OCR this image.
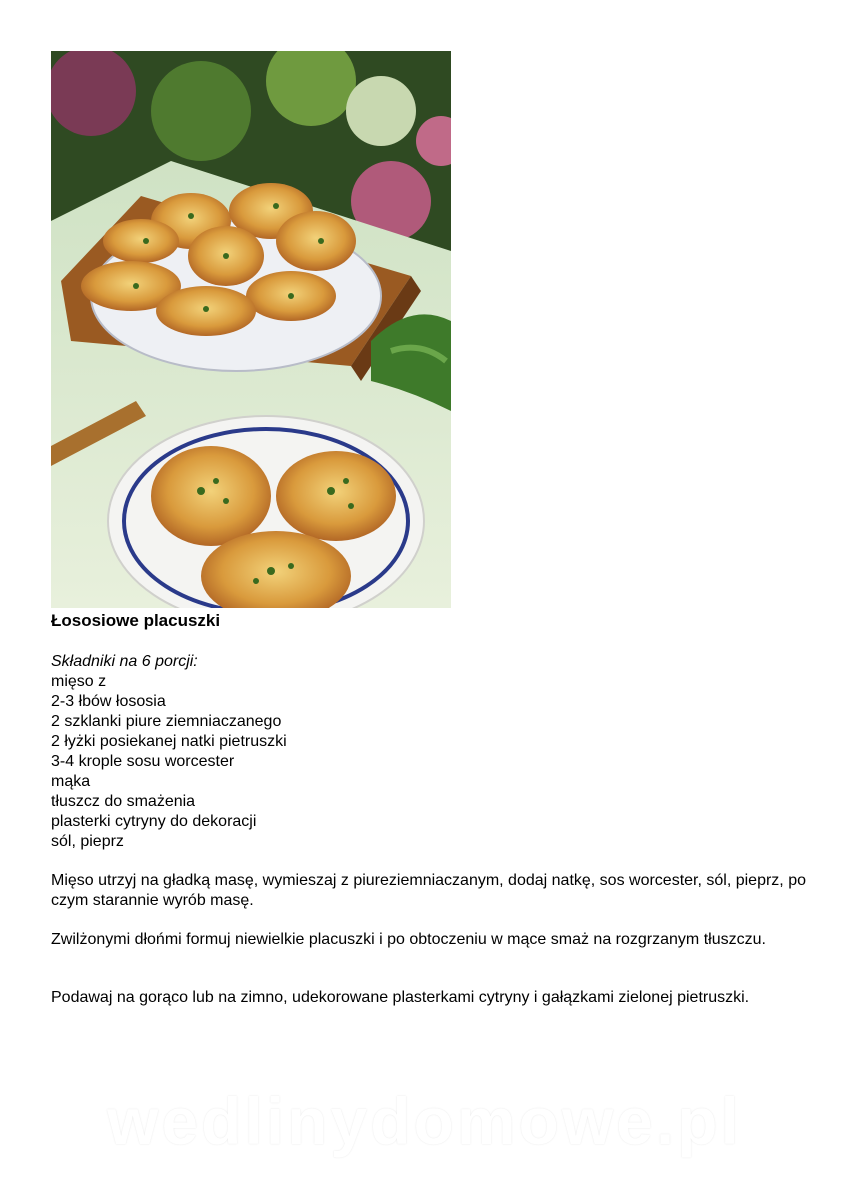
Łososiowe placuszki
Składniki na 6 porcji:
mięso z
2-3 łbów łososia
2 szklanki piure ziemniaczanego
2 łyżki posiekanej natki pietruszki
3-4 krople sosu worcester
mąka
tłuszcz do smażenia
plasterki cytryny do dekoracji
sól, pieprz

Mięso utrzyj na gładką masę, wymieszaj z piureziemniaczanym, dodaj natkę, sos worcester, sól, pieprz, po czym starannie wyrób masę.

Zwilżonymi dłońmi formuj niewielkie placuszki i po obtoczeniu w mące smaż na rozgrzanym tłuszczu.

Podawaj na gorąco lub na zimno, udekorowane plasterkami cytryny i gałązkami zielonej pietruszki.

wedlinydomowe.pl
